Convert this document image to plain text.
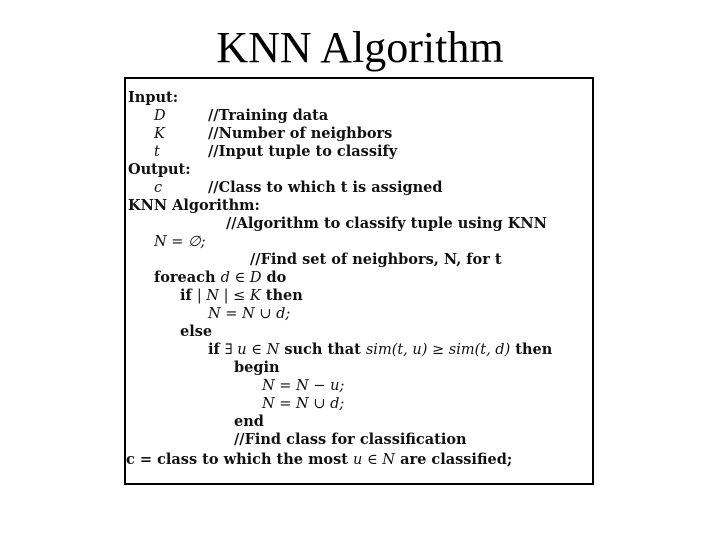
KNN Algorithm
Input:
D	//Training data
K	//Number of neighbors
t	//Input tuple to classify
Output:
c	//Class to which t is assigned
KNN Algorithm:
//Algorithm to classify tuple using KNN
N = ∅;
//Find set of neighbors, N, for t
foreach d ∈ D do
if | N | ≤ K then
N = N ∪ d;
else
if ∃ u ∈ N such that sim(t, u) ≥ sim(t, d) then
begin
N = N − u;
N = N ∪ d;
end
//Find class for classification
c = class to which the most u ∈ N are classified;
